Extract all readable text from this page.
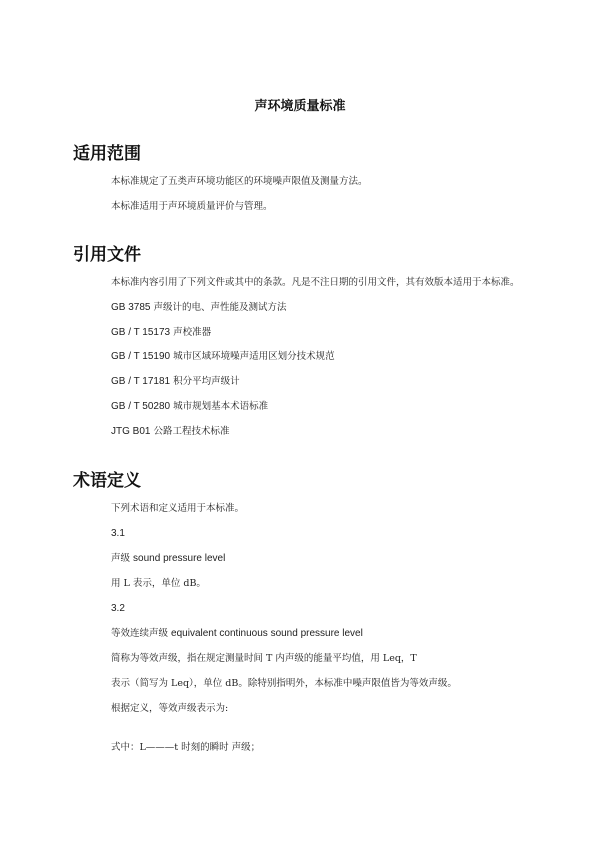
声环境质量标准
适用范围
本标准规定了五类声环境功能区的环境噪声限值及测量方法。
本标准适用于声环境质量评价与管理。
引用文件
本标准内容引用了下列文件或其中的条款。凡是不注日期的引用文件，其有效版本适用于本标准。
GB 3785 声级计的电、声性能及测试方法
GB / T 15173 声校准器
GB / T 15190 城市区域环境噪声适用区划分技术规范
GB / T 17181 积分平均声级计
GB / T 50280 城市规划基本术语标准
JTG B01 公路工程技术标准
术语定义
下列术语和定义适用于本标准。
3.1
声级 sound pressure level
用 L 表示，单位 dB。
3.2
等效连续声级 equivalent continuous sound pressure level
简称为等效声级，指在规定测量时间 T 内声级的能量平均值，用 Leq，T
表示（简写为 Leq），单位 dB。除特别指明外，本标准中噪声限值皆为等效声级。
根据定义，等效声级表示为:
式中：L———t 时刻的瞬时 声级；
